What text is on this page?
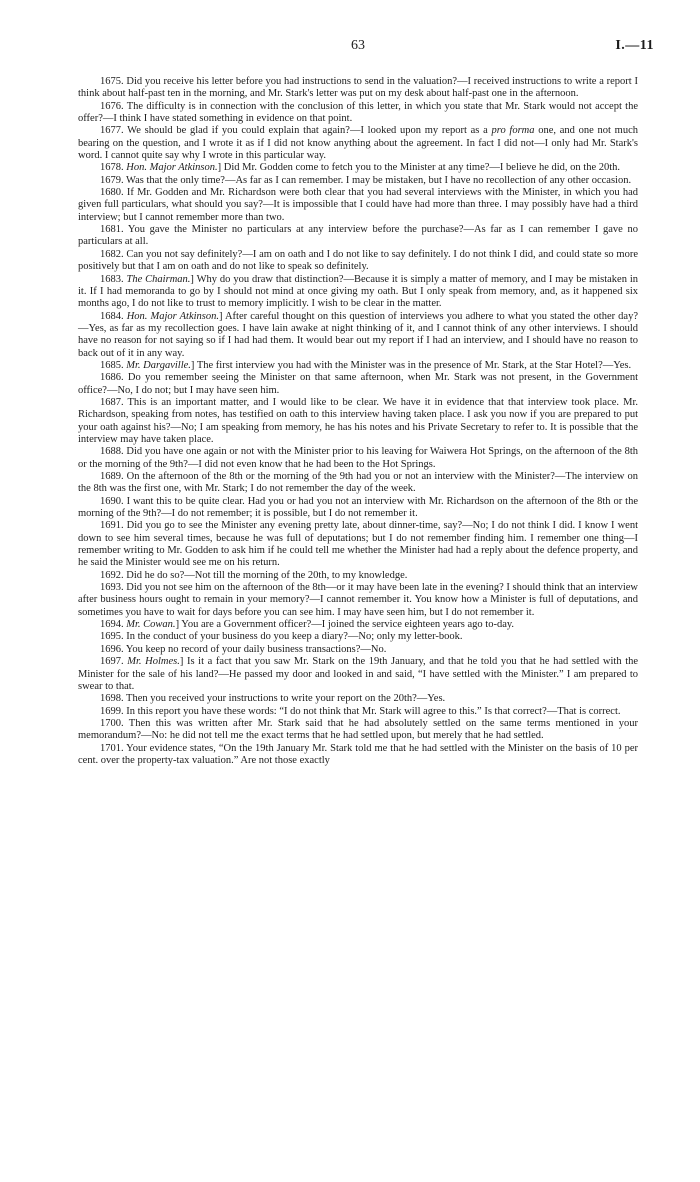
63	I.—11

1675. Did you receive his letter before you had instructions to send in the valuation?—I received instructions to write a report I think about half-past ten in the morning, and Mr. Stark's letter was put on my desk about half-past one in the afternoon.

1676. The difficulty is in connection with the conclusion of this letter, in which you state that Mr. Stark would not accept the offer?—I think I have stated something in evidence on that point.

1677. We should be glad if you could explain that again?—I looked upon my report as a pro forma one, and one not much bearing on the question, and I wrote it as if I did not know anything about the agreement. In fact I did not—I only had Mr. Stark's word. I cannot quite say why I wrote in this particular way.

1678. Hon. Major Atkinson.] Did Mr. Godden come to fetch you to the Minister at any time?—I believe he did, on the 20th.

1679. Was that the only time?—As far as I can remember. I may be mistaken, but I have no recollection of any other occasion.

1680. If Mr. Godden and Mr. Richardson were both clear that you had several interviews with the Minister, in which you had given full particulars, what should you say?—It is impossible that I could have had more than three. I may possibly have had a third interview; but I cannot remember more than two.

1681. You gave the Minister no particulars at any interview before the purchase?—As far as I can remember I gave no particulars at all.

1682. Can you not say definitely?—I am on oath and I do not like to say definitely. I do not think I did, and could state so more positively but that I am on oath and do not like to speak so definitely.

1683. The Chairman.] Why do you draw that distinction?—Because it is simply a matter of memory, and I may be mistaken in it. If I had memoranda to go by I should not mind at once giving my oath. But I only speak from memory, and, as it happened six months ago, I do not like to trust to memory implicitly. I wish to be clear in the matter.

1684. Hon. Major Atkinson.] After careful thought on this question of interviews you adhere to what you stated the other day?—Yes, as far as my recollection goes. I have lain awake at night thinking of it, and I cannot think of any other interviews. I should have no reason for not saying so if I had had them. It would bear out my report if I had an interview, and I should have no reason to back out of it in any way.

1685. Mr. Dargaville.] The first interview you had with the Minister was in the presence of Mr. Stark, at the Star Hotel?—Yes.

1686. Do you remember seeing the Minister on that same afternoon, when Mr. Stark was not present, in the Government office?—No, I do not; but I may have seen him.

1687. This is an important matter, and I would like to be clear. We have it in evidence that that interview took place. Mr. Richardson, speaking from notes, has testified on oath to this interview having taken place. I ask you now if you are prepared to put your oath against his?—No; I am speaking from memory, he has his notes and his Private Secretary to refer to. It is possible that the interview may have taken place.

1688. Did you have one again or not with the Minister prior to his leaving for Waiwera Hot Springs, on the afternoon of the 8th or the morning of the 9th?—I did not even know that he had been to the Hot Springs.

1689. On the afternoon of the 8th or the morning of the 9th had you or not an interview with the Minister?—The interview on the 8th was the first one, with Mr. Stark; I do not remember the day of the week.

1690. I want this to be quite clear. Had you or had you not an interview with Mr. Richardson on the afternoon of the 8th or the morning of the 9th?—I do not remember; it is possible, but I do not remember it.

1691. Did you go to see the Minister any evening pretty late, about dinner-time, say?—No; I do not think I did. I know I went down to see him several times, because he was full of deputations; but I do not remember finding him. I remember one thing—I remember writing to Mr. Godden to ask him if he could tell me whether the Minister had had a reply about the defence property, and he said the Minister would see me on his return.

1692. Did he do so?—Not till the morning of the 20th, to my knowledge.

1693. Did you not see him on the afternoon of the 8th—or it may have been late in the evening? I should think that an interview after business hours ought to remain in your memory?—I cannot remember it. You know how a Minister is full of deputations, and sometimes you have to wait for days before you can see him. I may have seen him, but I do not remember it.

1694. Mr. Cowan.] You are a Government officer?—I joined the service eighteen years ago to-day.

1695. In the conduct of your business do you keep a diary?—No; only my letter-book.

1696. You keep no record of your daily business transactions?—No.

1697. Mr. Holmes.] Is it a fact that you saw Mr. Stark on the 19th January, and that he told you that he had settled with the Minister for the sale of his land?—He passed my door and looked in and said, “I have settled with the Minister.” I am prepared to swear to that.

1698. Then you received your instructions to write your report on the 20th?—Yes.

1699. In this report you have these words: “I do not think that Mr. Stark will agree to this.” Is that correct?—That is correct.

1700. Then this was written after Mr. Stark said that he had absolutely settled on the same terms mentioned in your memorandum?—No: he did not tell me the exact terms that he had settled upon, but merely that he had settled.

1701. Your evidence states, “On the 19th January Mr. Stark told me that he had settled with the Minister on the basis of 10 per cent. over the property-tax valuation.” Are not those exactly
